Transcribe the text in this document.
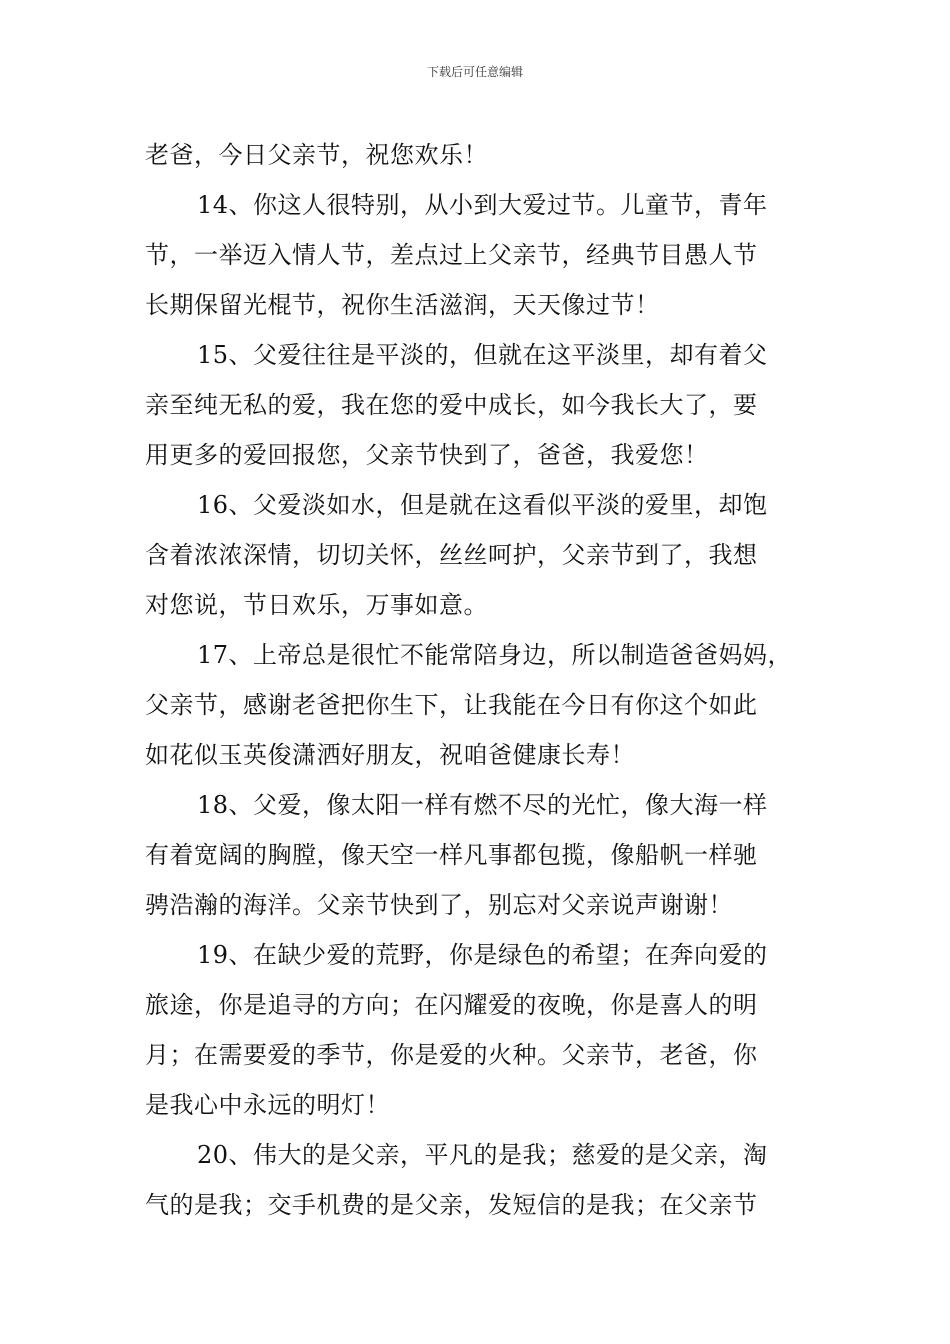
下载后可任意编辑
老爸，今日父亲节，祝您欢乐！
14、你这人很特别，从小到大爱过节。儿童节，青年
节，一举迈入情人节，差点过上父亲节，经典节目愚人节
长期保留光棍节，祝你生活滋润，天天像过节！
15、父爱往往是平淡的，但就在这平淡里，却有着父
亲至纯无私的爱，我在您的爱中成长，如今我长大了，要
用更多的爱回报您，父亲节快到了，爸爸，我爱您！
16、父爱淡如水，但是就在这看似平淡的爱里，却饱
含着浓浓深情，切切关怀，丝丝呵护，父亲节到了，我想
对您说，节日欢乐，万事如意。
17、上帝总是很忙不能常陪身边，所以制造爸爸妈妈，
父亲节，感谢老爸把你生下，让我能在今日有你这个如此
如花似玉英俊潇洒好朋友，祝咱爸健康长寿！
18、父爱，像太阳一样有燃不尽的光忙，像大海一样
有着宽阔的胸膛，像天空一样凡事都包揽，像船帆一样驰
骋浩瀚的海洋。父亲节快到了，别忘对父亲说声谢谢！
19、在缺少爱的荒野，你是绿色的希望；在奔向爱的
旅途，你是追寻的方向；在闪耀爱的夜晚，你是喜人的明
月；在需要爱的季节，你是爱的火种。父亲节，老爸，你
是我心中永远的明灯！
20、伟大的是父亲，平凡的是我；慈爱的是父亲，淘
气的是我；交手机费的是父亲，发短信的是我；在父亲节
